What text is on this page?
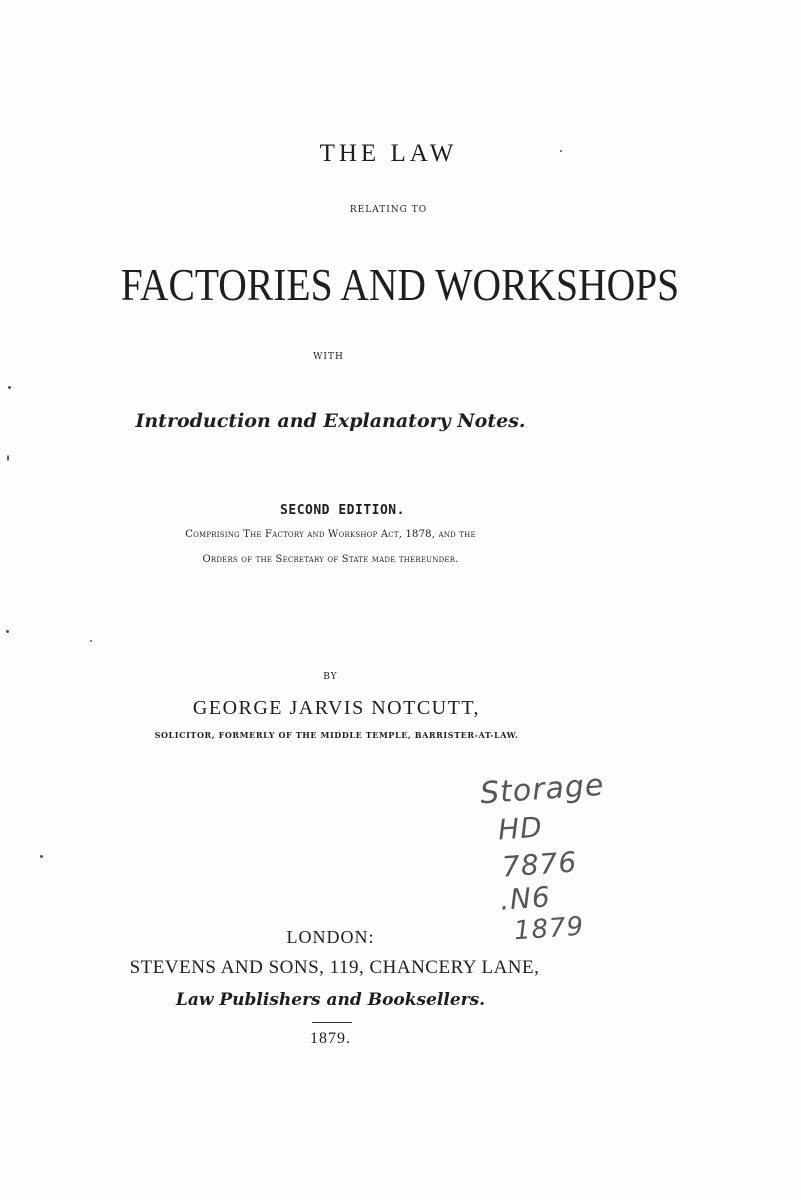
THE LAW
RELATING TO
FACTORIES AND WORKSHOPS
WITH
Introduction and Explanatory Notes.
SECOND EDITION.
Comprising The Factory and Workshop Act, 1878, and the
Orders of the Secretary of State made thereunder.
BY
GEORGE JARVIS NOTCUTT,
SOLICITOR, FORMERLY OF THE MIDDLE TEMPLE, BARRISTER-AT-LAW.
LONDON:
STEVENS AND SONS, 119, CHANCERY LANE,
Law Publishers and Booksellers.
1879.
Storage
HD
7876
.N6
1879
